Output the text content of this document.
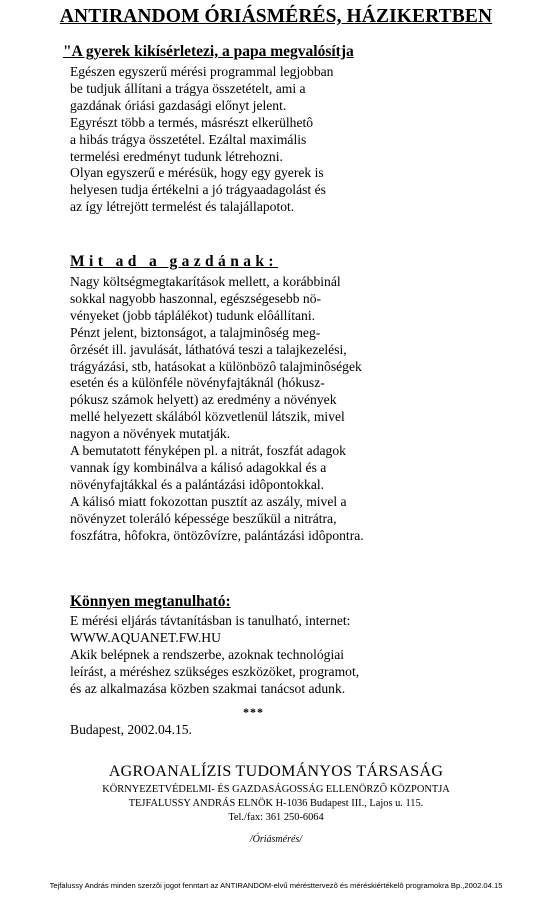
ANTIRANDOM ÓRIÁSMÉRÉS, HÁZIKERTBEN
"A gyerek kikísérletezi, a papa megvalósítja
Egészen egyszerű mérési programmal legjobban
be tudjuk állítani a trágya összetételt, ami a
gazdának óriási gazdasági előnyt jelent.
Egyrészt több a termés, másrészt elkerülhetô
a hibás trágya összetétel. Ezáltal maximális
termelési eredményt tudunk létrehozni.
Olyan egyszerű e mérésük, hogy egy gyerek is
helyesen tudja értékelni a jó trágyaadagolást és
az így létrejött termelést és talajállapotot.
Mit ad a gazdának:
Nagy költségmegtakarítások mellett, a korábbinál
sokkal nagyobb haszonnal, egészségesebb nö-
vényeket (jobb táplálékot) tudunk elôállítani.
Pénzt jelent, biztonságot, a talajminôség meg-
ôrzését ill. javulását, láthatóvá teszi a talajkezelési,
trágyázási, stb, hatásokat a különbözô talajminôségek
esetén és a különféle növényfajtáknál (hókusz-
pókusz számok helyett) az eredmény a növények
mellé helyezett skálából közvetlenül látszik, mivel
nagyon a növények mutatják.
A bemutatott fényképen pl. a nitrát, foszfát adagok
vannak így kombinálva a kálisó adagokkal és a
növényfajtákkal és a palántázási idôpontokkal.
A kálisó miatt fokozottan pusztít az aszály, mivel a
növényzet toleráló képessége beszűkül a nitrátra,
foszfátra, hôfokra, öntözôvízre, palántázási idôpontra.
Könnyen megtanulható:
E mérési eljárás távtanításban is tanulható, internet:
WWW.AQUANET.FW.HU
Akik belépnek a rendszerbe, azoknak technológiai
leírást, a méréshez szükséges eszközöket, programot,
és az alkalmazása közben szakmai tanácsot adunk.
***
Budapest, 2002.04.15.
AGROANALÍZIS TUDOMÁNYOS TÁRSASÁG
KÖRNYEZETVÉDELMI- ÉS GAZDASÁGOSSÁG ELLENÖRZÔ KÖZPONTJA
TEJFALUSSY ANDRÁS ELNÖK H-1036 Budapest III., Lajos u. 115.
Tel./fax: 361 250-6064
/Óriásmérés/
Tejfalussy András minden szerzôi jogot fenntart az ANTIRANDOM-elvű mérésttervezô és méréskiértékelô programokra Bp.,2002.04.15
